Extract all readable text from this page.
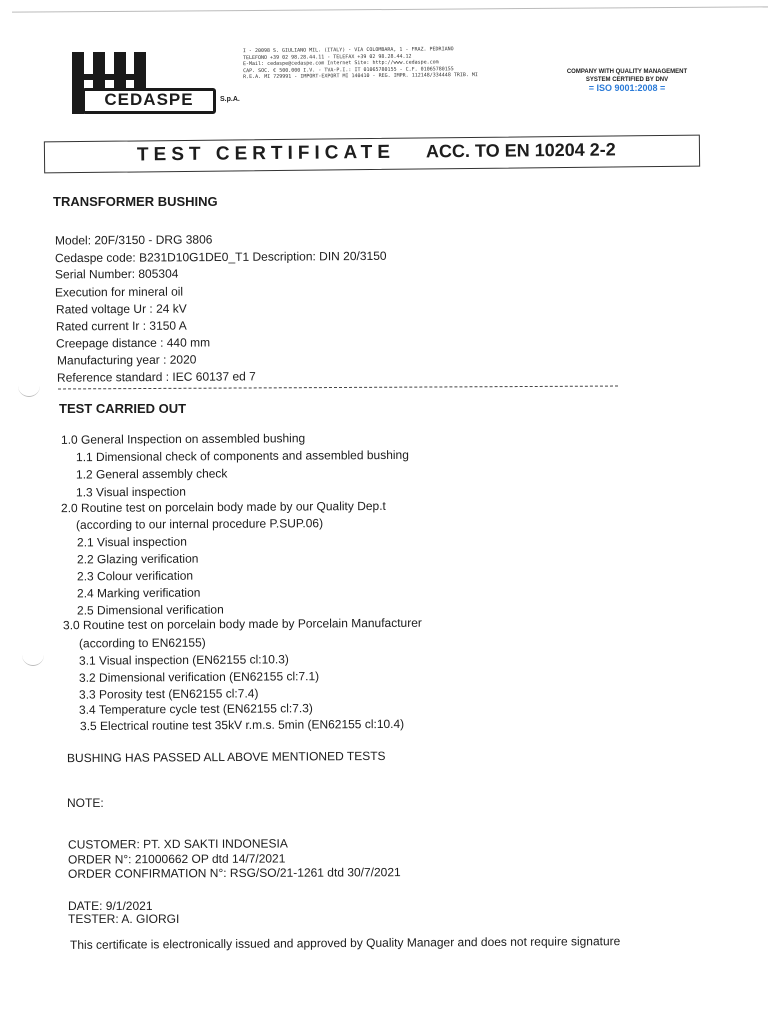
CEDASPE	S.p.A.
I - 20098 S. GIULIANO MIL. (ITALY) - VIA COLOMBARA, 1 - FRAZ. PEDRIANO
TELEFONO +39 02 98.28.44.11 - TELEFAX +39 02 98.28.44.12
E-Mail: cedaspe@cedaspe.com Internet Site: http://www.cedaspe.com
CAP. SOC. € 500.000 I.V. - TVA-P.I.: IT 01065780155 - C.F. 01065780155
R.E.A. MI 729991 - IMPORT-EXPORT MI 140410 - REG. IMPR. 112148/334448 TRIB. MI
COMPANY WITH QUALITY MANAGEMENT
SYSTEM CERTIFIED BY DNV
= ISO 9001:2008 =
TEST CERTIFICATE ACC. TO EN 10204 2-2
TRANSFORMER BUSHING
Model: 20F/3150 - DRG 3806
Cedaspe code: B231D10G1DE0_T1 Description: DIN 20/3150
Serial Number: 805304
Execution for mineral oil
Rated voltage Ur : 24 kV
Rated current Ir : 3150 A
Creepage distance : 440 mm
Manufacturing year : 2020
Reference standard : IEC 60137 ed 7
TEST CARRIED OUT
1.0 General Inspection on assembled bushing
1.1 Dimensional check of components and assembled bushing
1.2 General assembly check
1.3 Visual inspection
2.0 Routine test on porcelain body made by our Quality Dep.t
(according to our internal procedure P.SUP.06)
2.1 Visual inspection
2.2 Glazing verification
2.3 Colour verification
2.4 Marking verification
2.5 Dimensional verification
3.0 Routine test on porcelain body made by Porcelain Manufacturer
(according to EN62155)
3.1 Visual inspection (EN62155 cl:10.3)
3.2 Dimensional verification (EN62155 cl:7.1)
3.3 Porosity test (EN62155 cl:7.4)
3.4 Temperature cycle test (EN62155 cl:7.3)
3.5 Electrical routine test 35kV r.m.s. 5min (EN62155 cl:10.4)
BUSHING HAS PASSED ALL ABOVE MENTIONED TESTS
NOTE:
CUSTOMER: PT. XD SAKTI INDONESIA
ORDER N°: 21000662 OP dtd 14/7/2021
ORDER CONFIRMATION N°: RSG/SO/21-1261 dtd 30/7/2021
DATE: 9/1/2021
TESTER: A. GIORGI
This certificate is electronically issued and approved by Quality Manager and does not require signature
